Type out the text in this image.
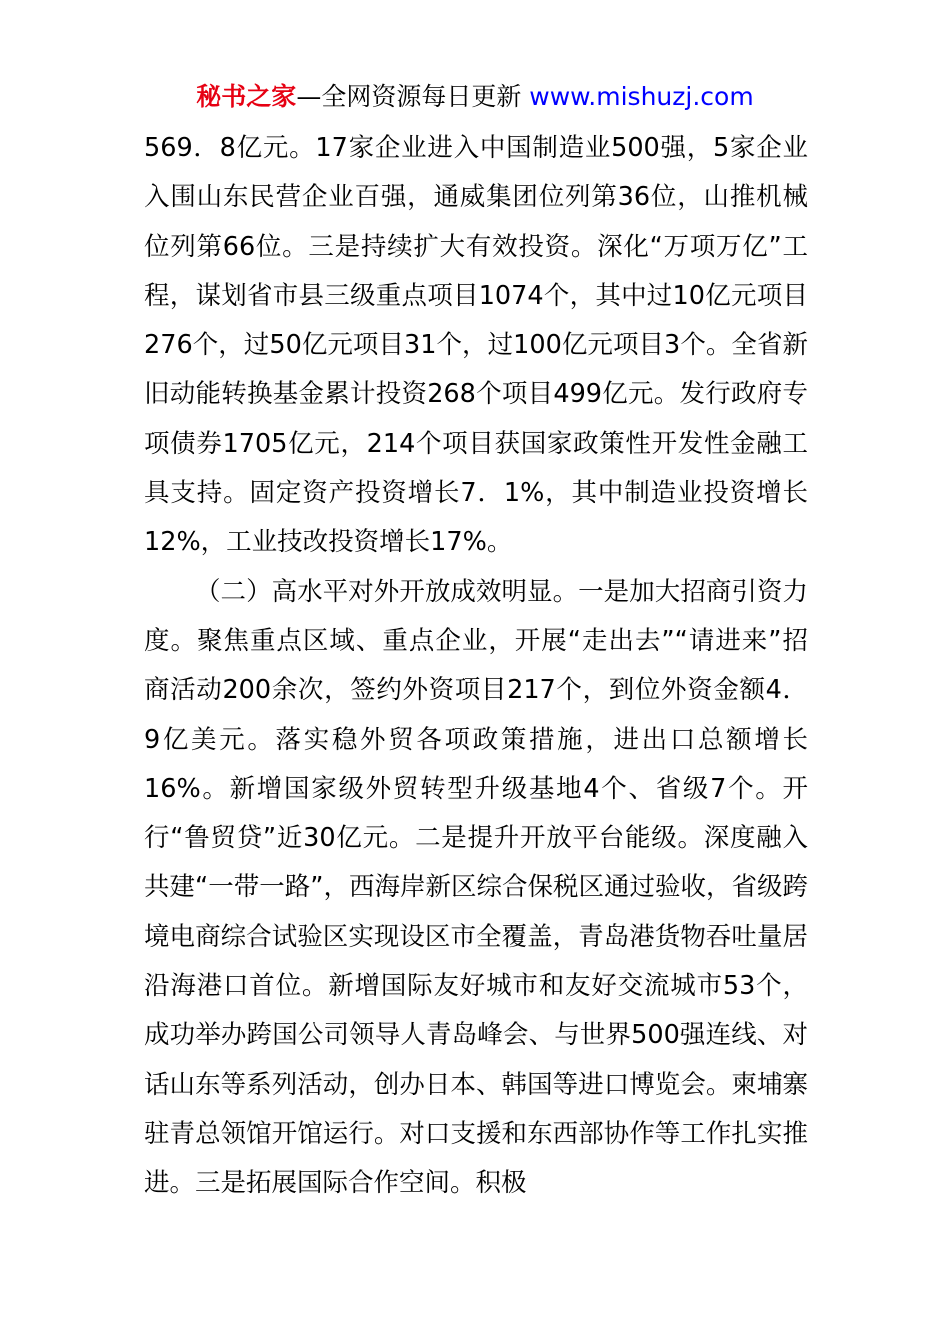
秘书之家—全网资源每日更新 www.mishuzj.com

569．8亿元。17家企业进入中国制造业500强，5家企业入围山东民营企业百强，通威集团位列第36位，山推机械位列第66位。三是持续扩大有效投资。深化“万项万亿”工程，谋划省市县三级重点项目1074个，其中过10亿元项目276个，过50亿元项目31个，过100亿元项目3个。全省新旧动能转换基金累计投资268个项目499亿元。发行政府专项债券1705亿元，214个项目获国家政策性开发性金融工具支持。固定资产投资增长7．1%，其中制造业投资增长12%，工业技改投资增长17%。

（二）高水平对外开放成效明显。一是加大招商引资力度。聚焦重点区域、重点企业，开展“走出去”“请进来”招商活动200余次，签约外资项目217个，到位外资金额4．9亿美元。落实稳外贸各项政策措施，进出口总额增长16%。新增国家级外贸转型升级基地4个、省级7个。开行“鲁贸贷”近30亿元。二是提升开放平台能级。深度融入共建“一带一路”，西海岸新区综合保税区通过验收，省级跨境电商综合试验区实现设区市全覆盖，青岛港货物吞吐量居沿海港口首位。新增国际友好城市和友好交流城市53个，成功举办跨国公司领导人青岛峰会、与世界500强连线、对话山东等系列活动，创办日本、韩国等进口博览会。柬埔寨驻青总领馆开馆运行。对口支援和东西部协作等工作扎实推进。三是拓展国际合作空间。积极
